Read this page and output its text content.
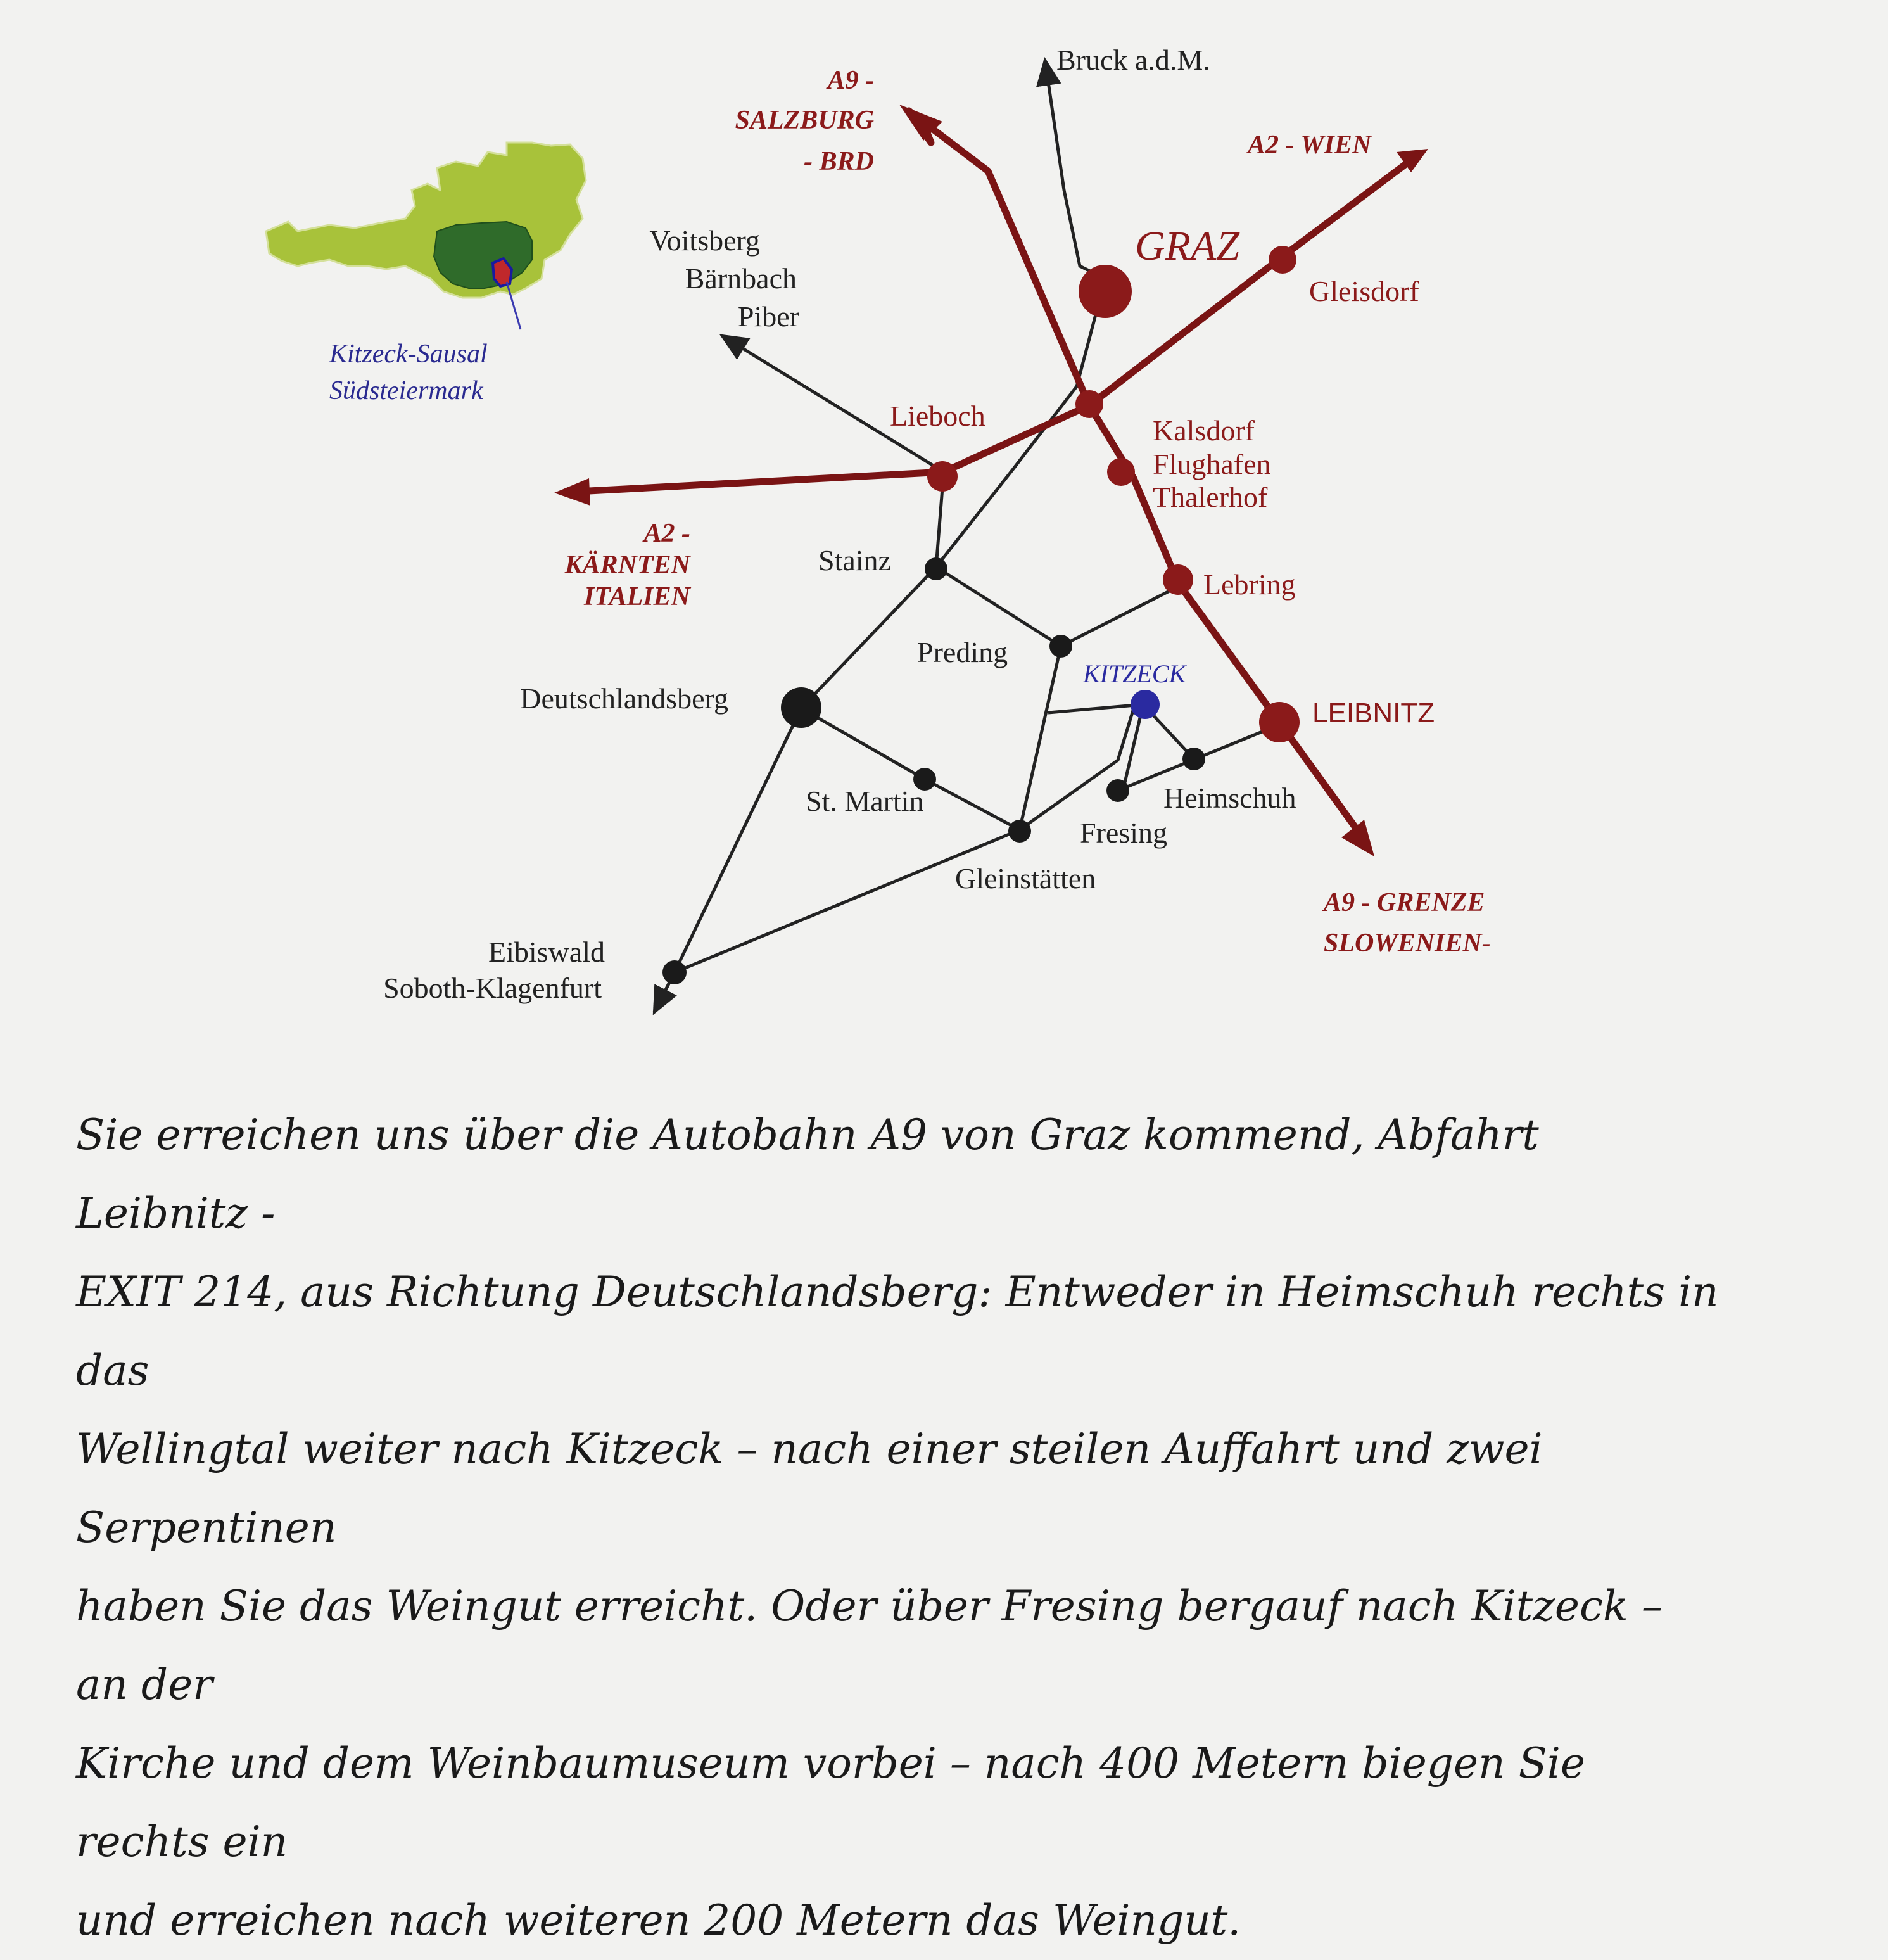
Kitzeck-Sausal
Südsteiermark
A9 -
SALZBURG
- BRD
A2 - WIEN
A2 -
KÄRNTEN
ITALIEN
A9 - GRENZE
SLOWENIEN-
Bruck a.d.M.
GRAZ
Gleisdorf
Voitsberg
Bärnbach
Piber
Lieboch	Kalsdorf
Flughafen
Thalerhof
Stainz
Lebring
Preding
KITZECK
Deutschlandsberg	LEIBNITZ
St. Martin	Heimschuh
Fresing
Gleinstätten
Eibiswald
Soboth-Klagenfurt

Sie erreichen uns über die Autobahn A9 von Graz kommend, Abfahrt Leibnitz -

EXIT 214, aus Richtung Deutschlandsberg: Entweder in Heimschuh rechts in das

Wellingtal weiter nach Kitzeck – nach einer steilen Auffahrt und zwei Serpentinen

haben Sie das Weingut erreicht. Oder über Fresing bergauf nach Kitzeck – an der

Kirche und dem Weinbaumuseum vorbei – nach 400 Metern biegen Sie rechts ein

und erreichen nach weiteren 200 Metern das Weingut.
